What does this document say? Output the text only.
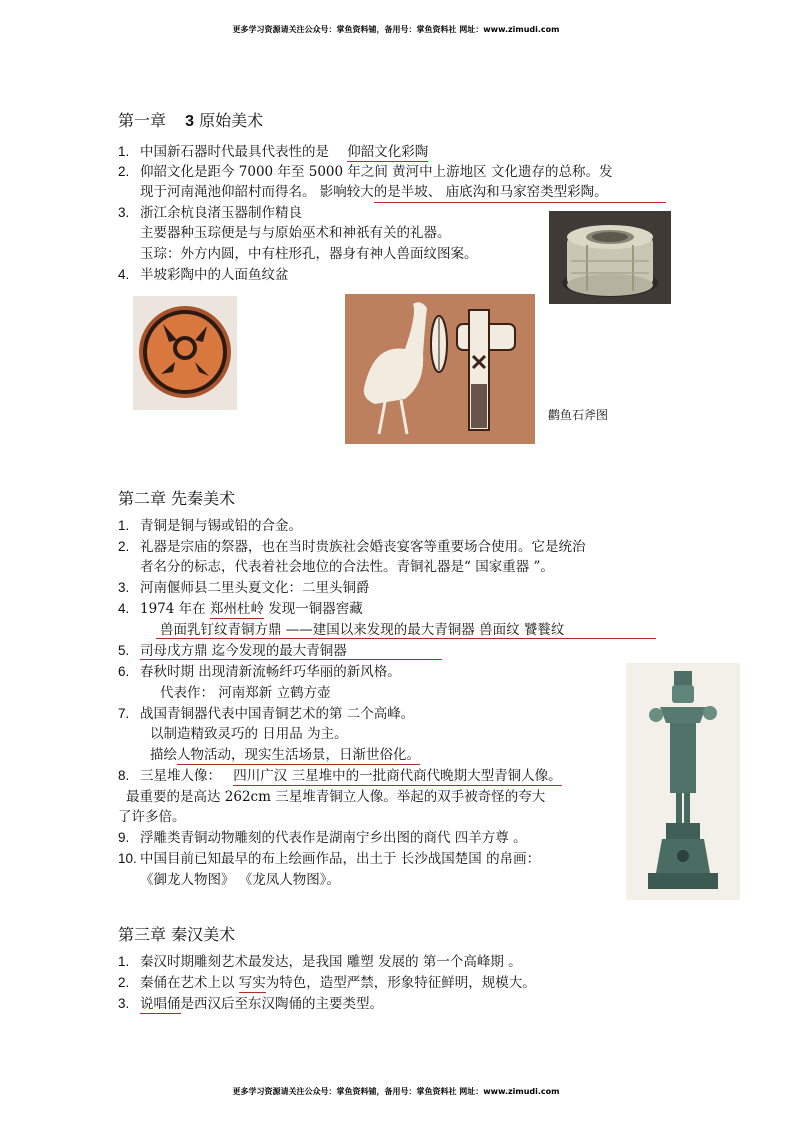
更多学习资源请关注公众号：掌鱼资料铺，备用号：掌鱼资料社 网址：www.zimudi.com
第一章 3 原始美术
1. 中国新石器时代最具代表性的是 仰韶文化彩陶
2. 仰韶文化是距今 7000 年至 5000 年之间 黄河中上游地区 文化遗存的总称。发
现于河南渑池仰韶村而得名。 影响较大的是半坡、 庙底沟和马家窑类型彩陶。
3. 浙江余杭良渚玉器制作精良
主要器种玉琮便是与与原始巫术和神祇有关的礼器。
玉琮：外方内圆，中有柱形孔，器身有神人兽面纹图案。
4. 半坡彩陶中的人面鱼纹盆
鹳鱼石斧图
第二章 先秦美术
1. 青铜是铜与锡或铅的合金。
2. 礼器是宗庙的祭器，也在当时贵族社会婚丧宴客等重要场合使用。它是统治
者名分的标志，代表着社会地位的合法性。青铜礼器是“ 国家重器 ”。
3. 河南偃师县二里头夏文化：二里头铜爵
4. 1974 年在 郑州杜岭 发现一铜器窖藏
兽面乳钉纹青铜方鼎 ——建国以来发现的最大青铜器 兽面纹 饕餮纹
5. 司母戊方鼎 迄今发现的最大青铜器
6. 春秋时期 出现清新流畅纤巧华丽的新风格。
代表作： 河南郑新 立鹤方壶
7. 战国青铜器代表中国青铜艺术的第 二个高峰。
以制造精致灵巧的 日用品 为主。
描绘人物活动，现实生活场景，日渐世俗化。
8. 三星堆人像： 四川广汉 三星堆中的一批商代商代晚期大型青铜人像。
最重要的是高达 262cm 三星堆青铜立人像。举起的双手被奇怪的夸大
了许多倍。
9. 浮雕类青铜动物雕刻的代表作是湖南宁乡出图的商代 四羊方尊 。
10. 中国目前已知最早的布上绘画作品，出土于 长沙战国楚国 的帛画：
《御龙人物图》 《龙凤人物图》。
第三章 秦汉美术
1. 秦汉时期雕刻艺术最发达，是我国 雕塑 发展的 第一个高峰期 。
2. 秦俑在艺术上以 写实为特色，造型严禁，形象特征鲜明，规模大。
3. 说唱俑是西汉后至东汉陶俑的主要类型。
更多学习资源请关注公众号：掌鱼资料铺，备用号：掌鱼资料社 网址：www.zimudi.com
